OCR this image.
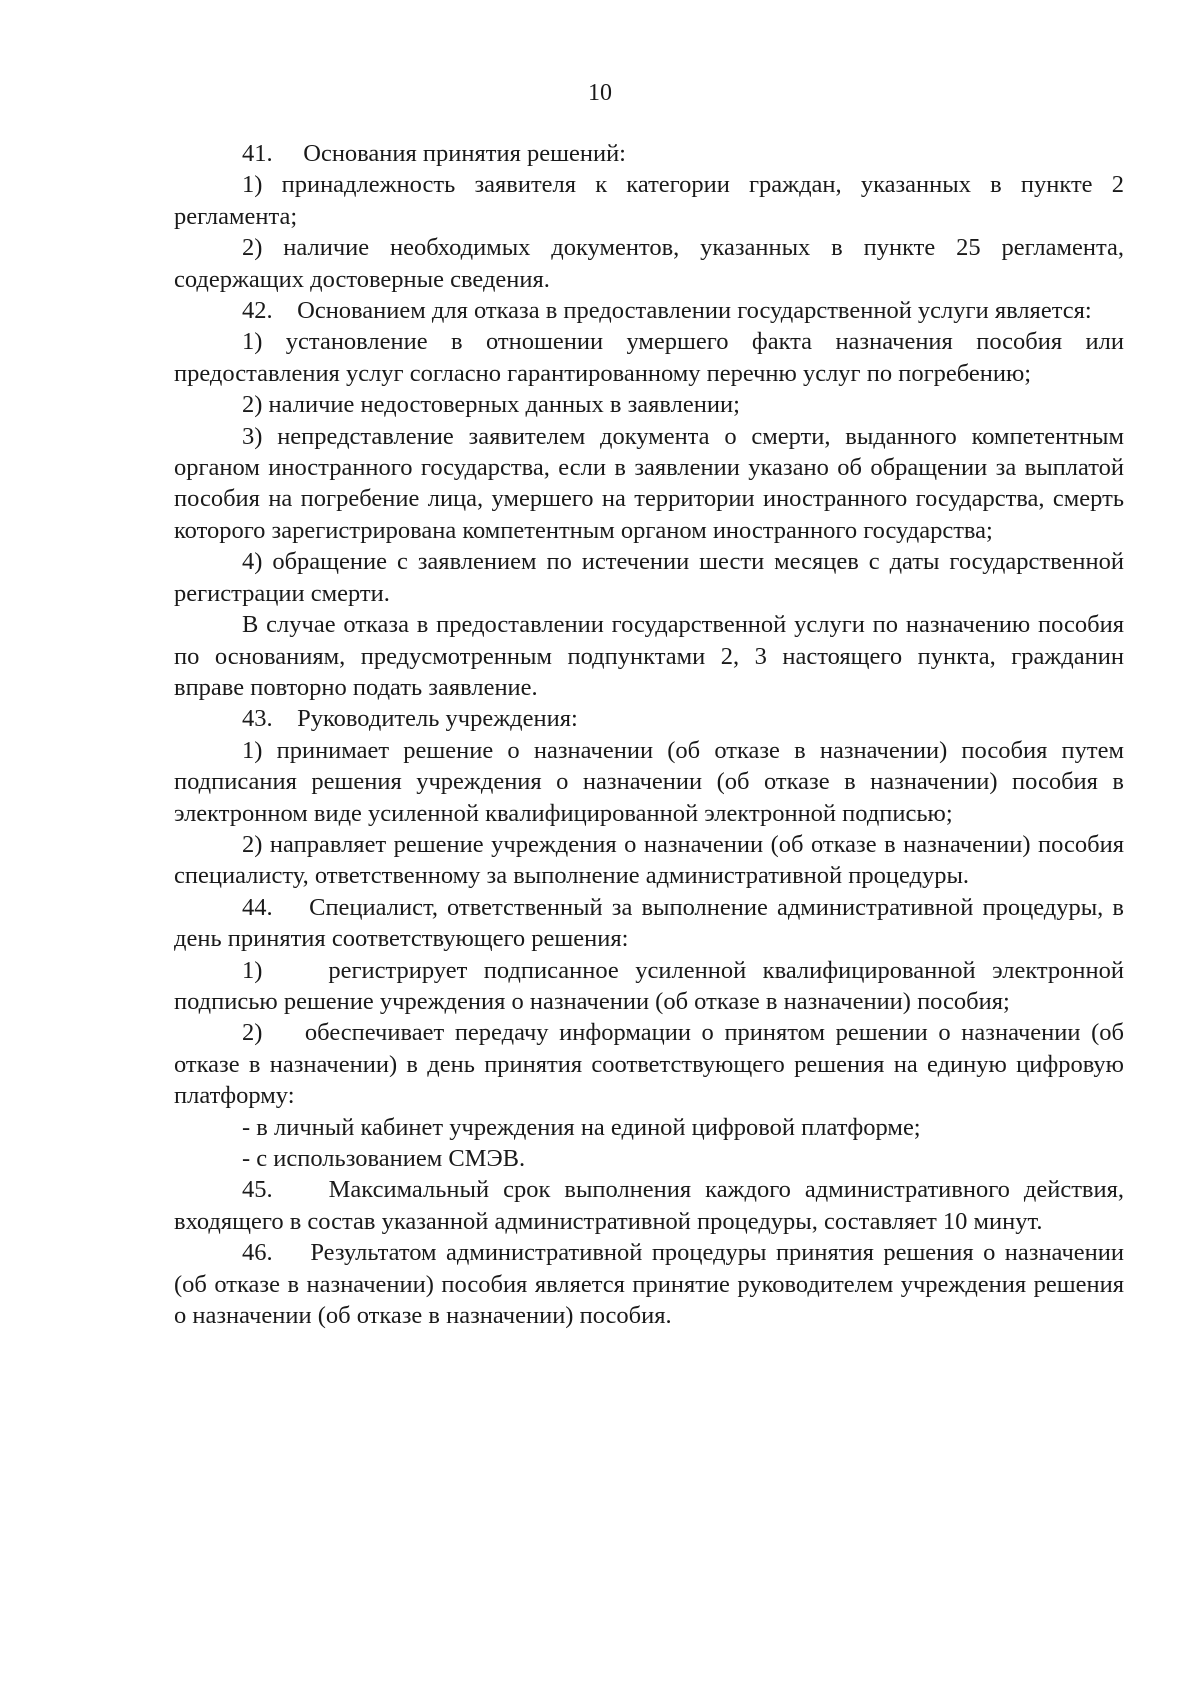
10

41.     Основания принятия решений:

1) принадлежность заявителя к категории граждан, указанных в пункте 2 регламента;

2) наличие необходимых документов, указанных в пункте 25 регламента, содержащих достоверные сведения.

42.    Основанием для отказа в предоставлении государственной услуги является:

1) установление в отношении умершего факта назначения пособия или предоставления услуг согласно гарантированному перечню услуг по погребению;

2) наличие недостоверных данных в заявлении;

3) непредставление заявителем документа о смерти, выданного компетентным органом иностранного государства, если в заявлении указано об обращении за выплатой пособия на погребение лица, умершего на территории иностранного государства, смерть которого зарегистрирована компетентным органом иностранного государства;

4) обращение с заявлением по истечении шести месяцев с даты государственной регистрации смерти.

В случае отказа в предоставлении государственной услуги по назначению пособия по основаниям, предусмотренным подпунктами 2, 3 настоящего пункта, гражданин вправе повторно подать заявление.

43.    Руководитель учреждения:

1) принимает решение о назначении (об отказе в назначении) пособия путем подписания решения учреждения о назначении (об отказе в назначении) пособия в электронном виде усиленной квалифицированной электронной подписью;

2) направляет решение учреждения о назначении (об отказе в назначении) пособия специалисту, ответственному за выполнение административной процедуры.

44.    Специалист, ответственный за выполнение административной процедуры, в день принятия соответствующего решения:

1)    регистрирует подписанное усиленной квалифицированной электронной подписью решение учреждения о назначении (об отказе в назначении) пособия;

2)    обеспечивает передачу информации о принятом решении о назначении (об отказе в назначении) в день принятия соответствующего решения на единую цифровую платформу:

- в личный кабинет учреждения на единой цифровой платформе;

- с использованием СМЭВ.

45.    Максимальный срок выполнения каждого административного действия, входящего в состав указанной административной процедуры, составляет 10 минут.

46.    Результатом административной процедуры принятия решения о назначении (об отказе в назначении) пособия является принятие руководителем учреждения решения о назначении (об отказе в назначении) пособия.
